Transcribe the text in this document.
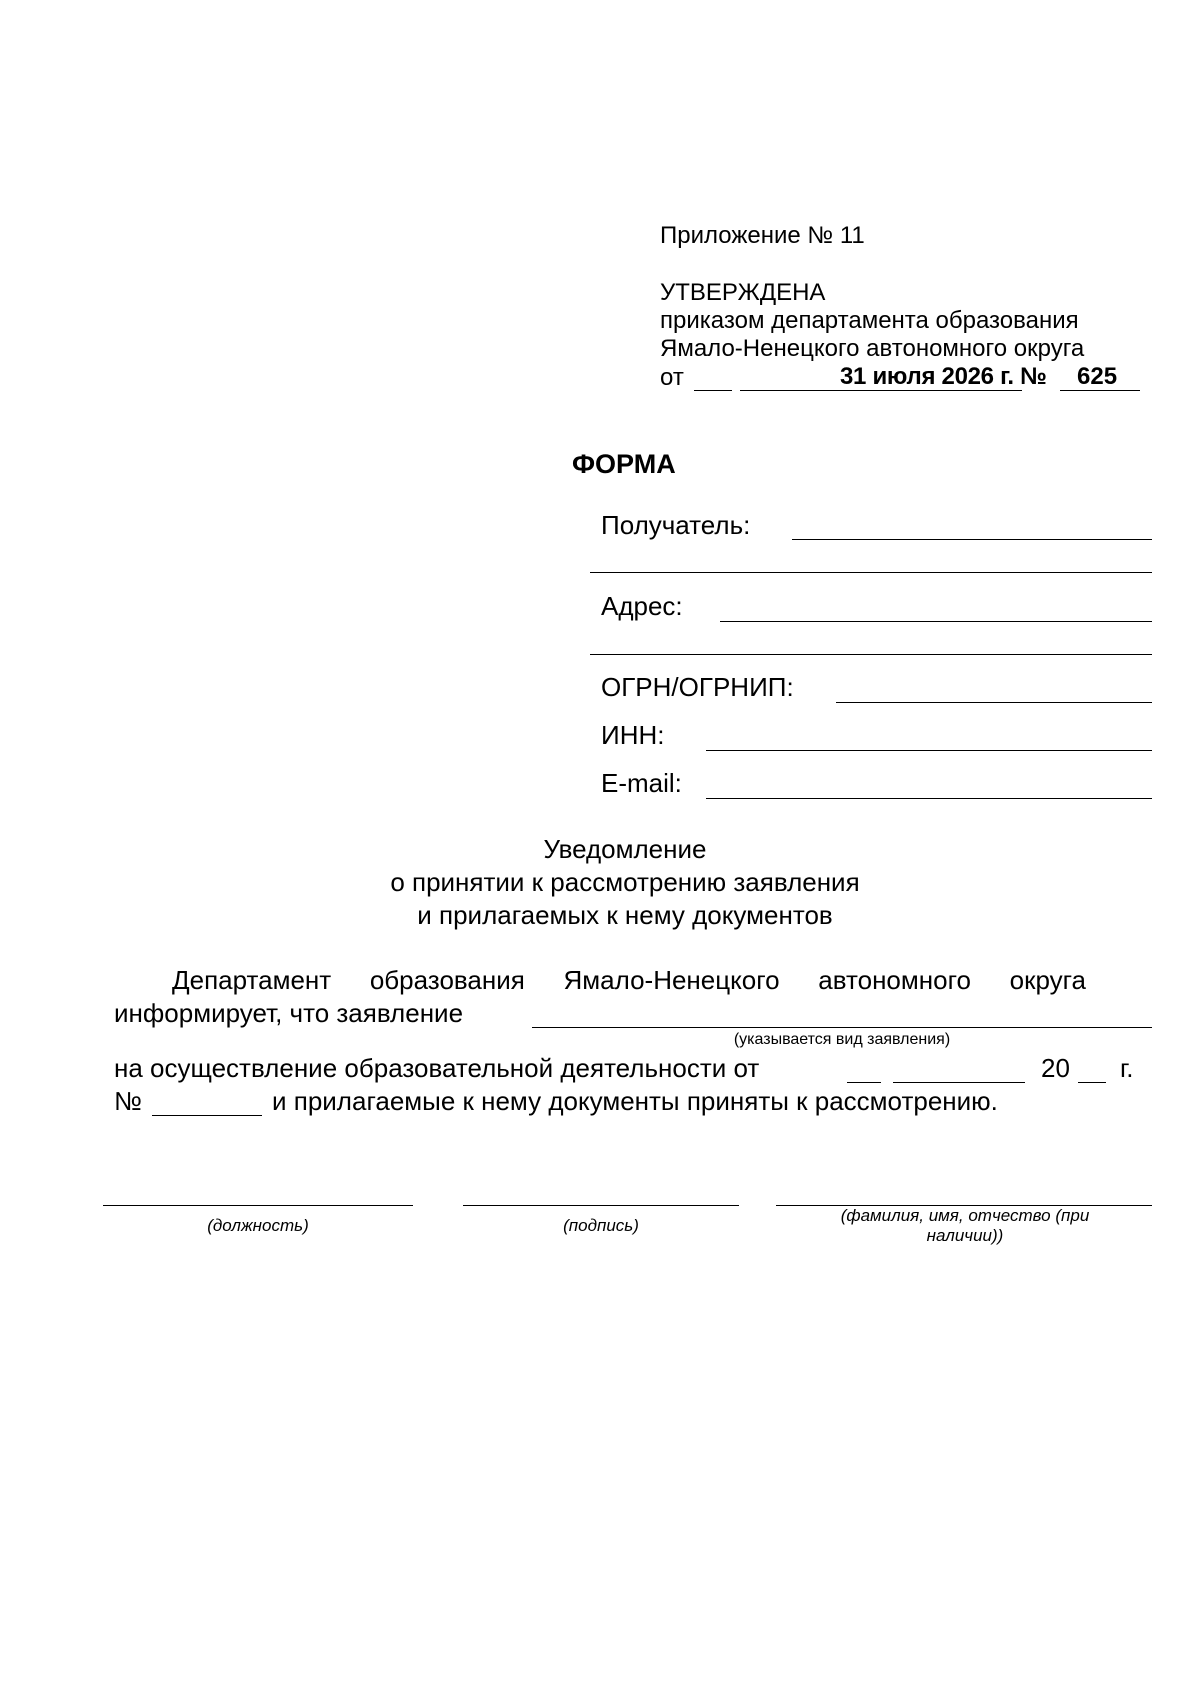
Приложение № 11
УТВЕРЖДЕНА
приказом департамента образования
Ямало-Ненецкого автономного округа
от	31 июля 2026 г. № 625
ФОРМА
Получатель:
Адрес:
ОГРН/ОГРНИП:
ИНН:
E-mail:
Уведомление
о принятии к рассмотрению заявления
и прилагаемых к нему документов
Департамент образования Ямало-Ненецкого автономного округа
информирует, что заявление
(указывается вид заявления)
на осуществление образовательной деятельности от	20 г.
№	и прилагаемые к нему документы приняты к рассмотрению.
(должность)	(подпись)
(фамилия, имя, отчество (при наличии))
